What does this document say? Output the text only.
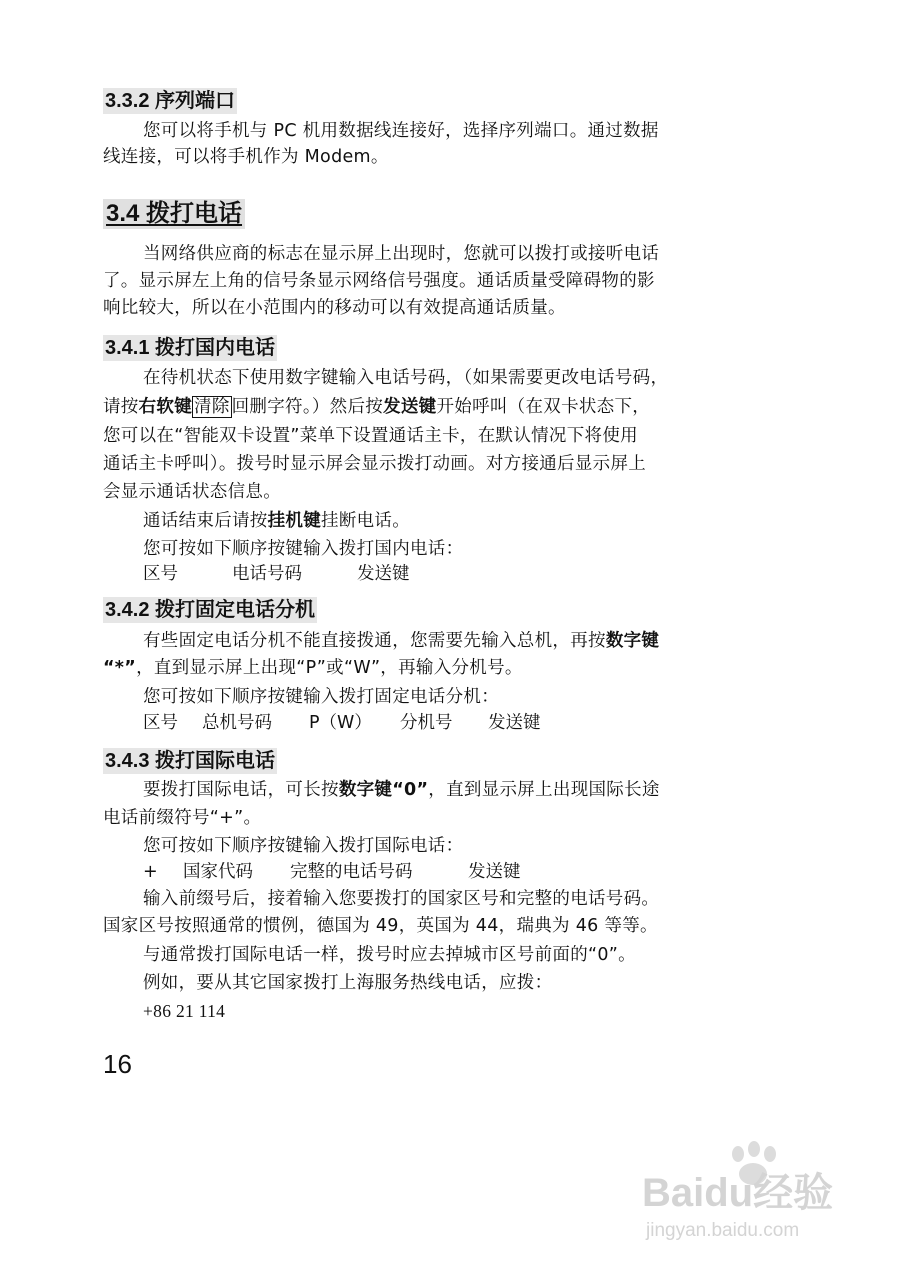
3.3.2 序列端口
您可以将手机与 PC 机用数据线连接好，选择序列端口。通过数据
线连接，可以将手机作为 Modem。
3.4 拨打电话
当网络供应商的标志在显示屏上出现时，您就可以拨打或接听电话
了。显示屏左上角的信号条显示网络信号强度。通话质量受障碍物的影
响比较大，所以在小范围内的移动可以有效提高通话质量。
3.4.1 拨打国内电话
在待机状态下使用数字键输入电话号码，（如果需要更改电话号码，
请按右软键 清除 回删字符。）然后按发送键开始呼叫（在双卡状态下，
您可以在“智能双卡设置”菜单下设置通话主卡，在默认情况下将使用
通话主卡呼叫）。拨号时显示屏会显示拨打动画。对方接通后显示屏上
会显示通话状态信息。
通话结束后请按挂机键挂断电话。
您可按如下顺序按键输入拨打国内电话：
区号	电话号码	发送键
3.4.2 拨打固定电话分机
有些固定电话分机不能直接拨通，您需要先输入总机，再按数字键
“*”，直到显示屏上出现“P”或“W”，再输入分机号。
您可按如下顺序按键输入拨打固定电话分机：
区号 总机号码 P（W） 分机号 发送键
3.4.3 拨打国际电话
要拨打国际电话，可长按数字键“0”，直到显示屏上出现国际长途
电话前缀符号“+”。
您可按如下顺序按键输入拨打国际电话：
+ 国家代码 完整的电话号码	发送键
输入前缀号后，接着输入您要拨打的国家区号和完整的电话号码。
国家区号按照通常的惯例，德国为 49，英国为 44，瑞典为 46 等等。
与通常拨打国际电话一样，拨号时应去掉城市区号前面的“0”。
例如，要从其它国家拨打上海服务热线电话，应拨：
+86 21 114
16
Baidu经验
jingyan.baidu.com
